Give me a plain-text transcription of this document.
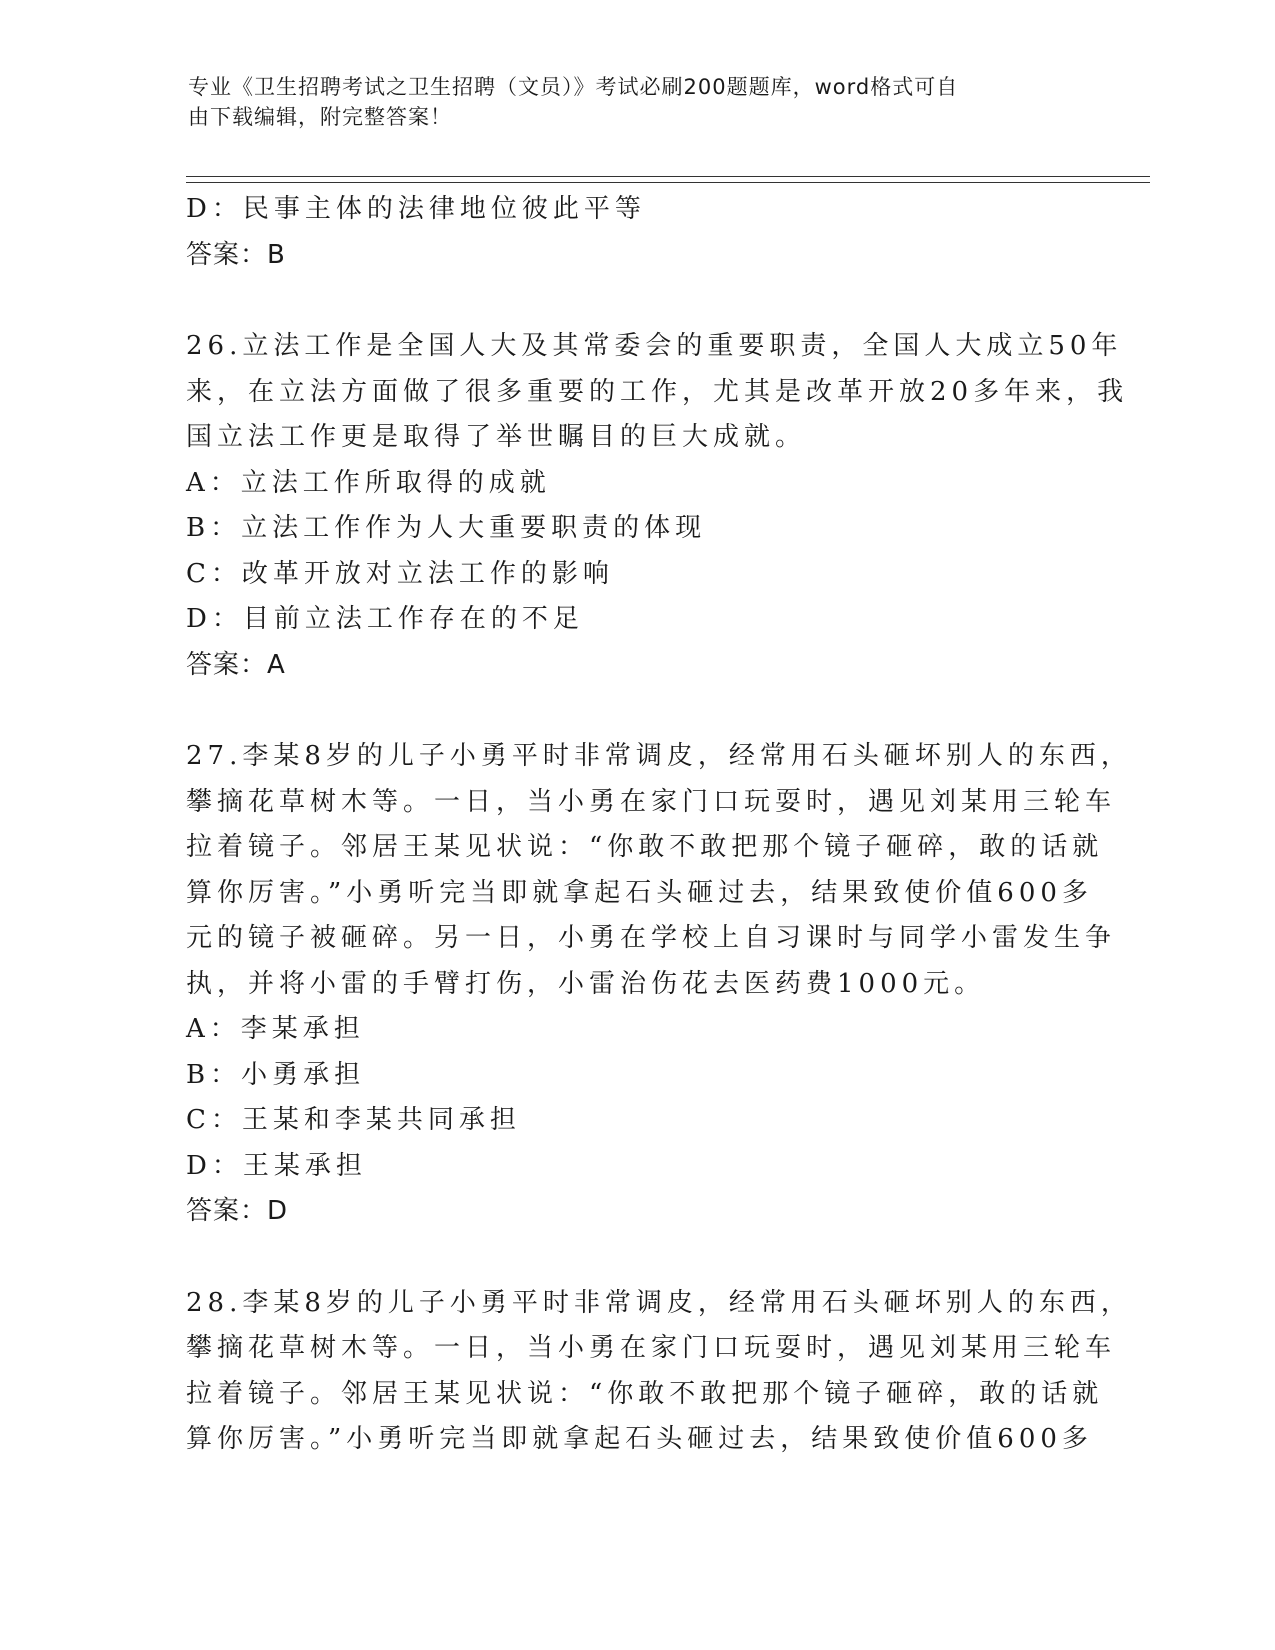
专业《卫生招聘考试之卫生招聘（文员）》考试必刷200题题库，word格式可自
由下载编辑，附完整答案！
D：民事主体的法律地位彼此平等
答案：B
26.立法工作是全国人大及其常委会的重要职责，全国人大成立50年
来，在立法方面做了很多重要的工作，尤其是改革开放20多年来，我
国立法工作更是取得了举世瞩目的巨大成就。
A：立法工作所取得的成就
B：立法工作作为人大重要职责的体现
C：改革开放对立法工作的影响
D：目前立法工作存在的不足
答案：A
27.李某8岁的儿子小勇平时非常调皮，经常用石头砸坏别人的东西，
攀摘花草树木等。一日，当小勇在家门口玩耍时，遇见刘某用三轮车
拉着镜子。邻居王某见状说：“你敢不敢把那个镜子砸碎，敢的话就
算你厉害。”小勇听完当即就拿起石头砸过去，结果致使价值600多
元的镜子被砸碎。另一日，小勇在学校上自习课时与同学小雷发生争
执，并将小雷的手臂打伤，小雷治伤花去医药费1000元。
A：李某承担
B：小勇承担
C：王某和李某共同承担
D：王某承担
答案：D
28.李某8岁的儿子小勇平时非常调皮，经常用石头砸坏别人的东西，
攀摘花草树木等。一日，当小勇在家门口玩耍时，遇见刘某用三轮车
拉着镜子。邻居王某见状说：“你敢不敢把那个镜子砸碎，敢的话就
算你厉害。”小勇听完当即就拿起石头砸过去，结果致使价值600多
